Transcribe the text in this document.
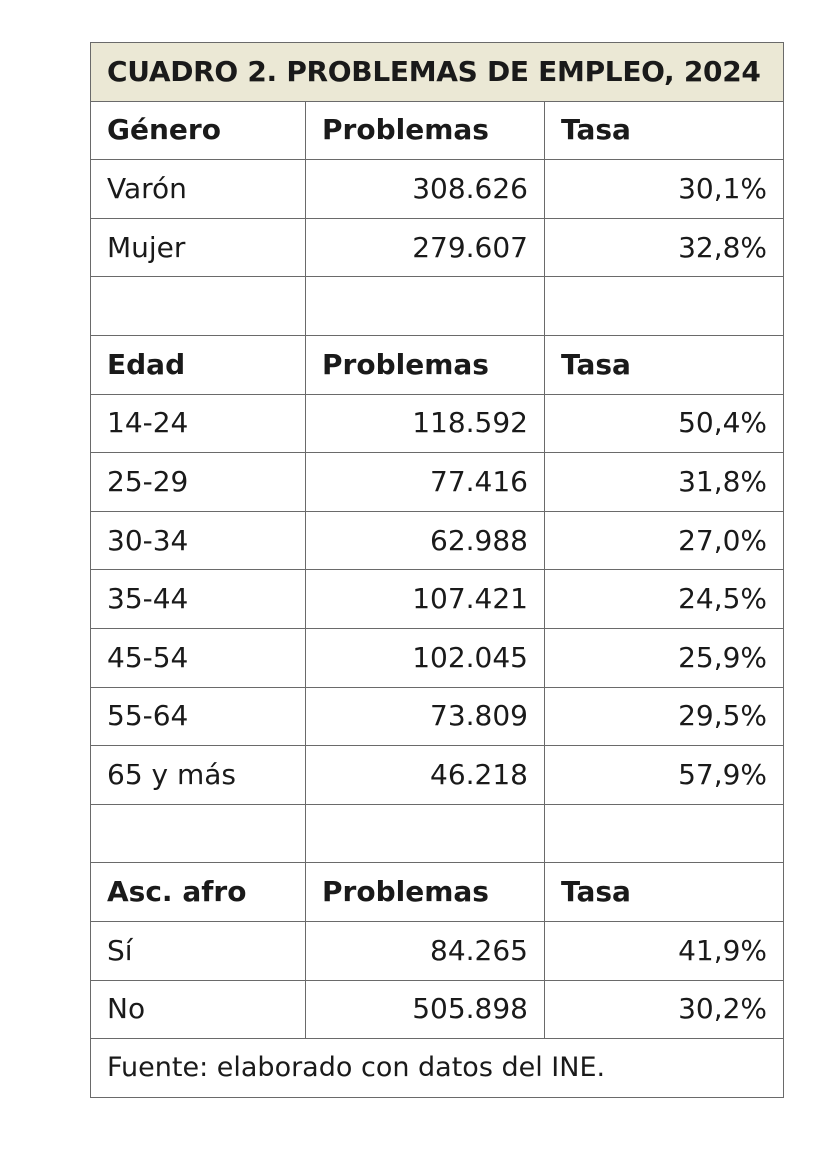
CUADRO 2. PROBLEMAS DE EMPLEO, 2024		
Género	Problemas	Tasa
Varón	308.626	30,1%
Mujer	279.607	32,8%

Edad	Problemas	Tasa
14-24	118.592	50,4%
25-29	77.416	31,8%
30-34	62.988	27,0%
35-44	107.421	24,5%
45-54	102.045	25,9%
55-64	73.809	29,5%
65 y más	46.218	57,9%

Asc. afro	Problemas	Tasa
Sí	84.265	41,9%
No	505.898	30,2%
Fuente: elaborado con datos del INE.		
